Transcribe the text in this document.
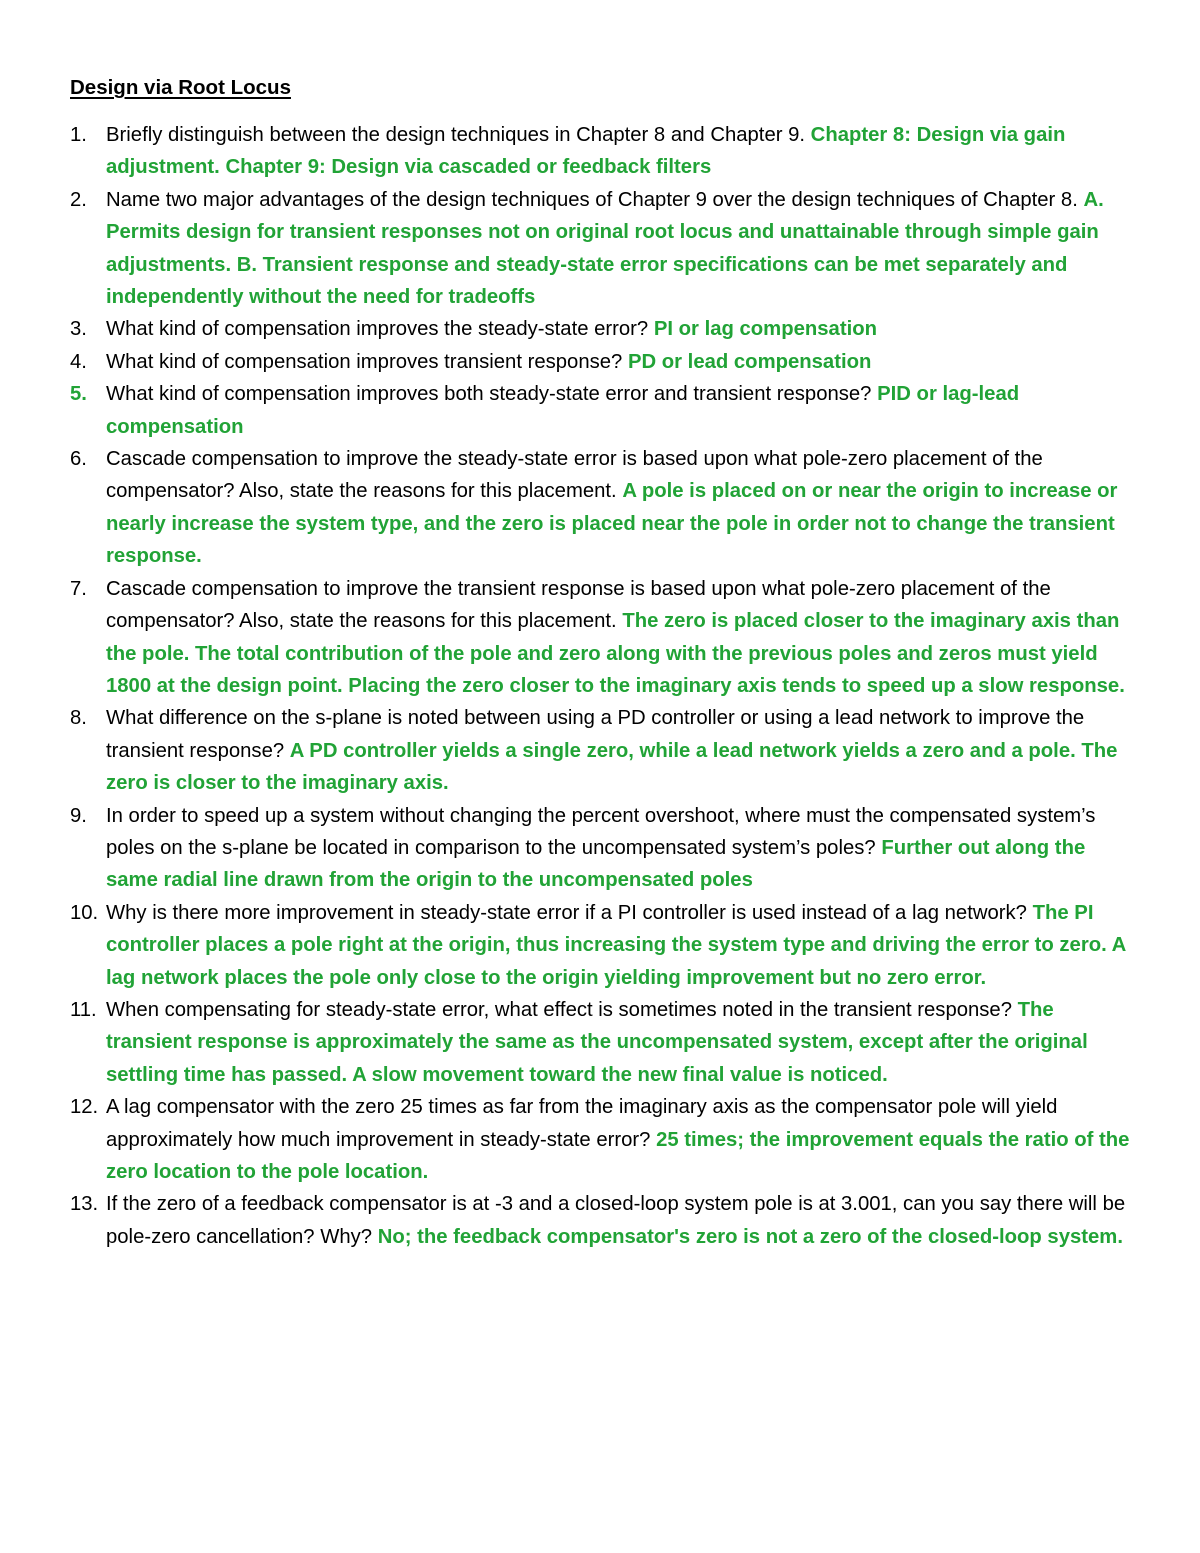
Design via Root Locus
1. Briefly distinguish between the design techniques in Chapter 8 and Chapter 9. Chapter 8: Design via gain adjustment. Chapter 9: Design via cascaded or feedback filters
2. Name two major advantages of the design techniques of Chapter 9 over the design techniques of Chapter 8. A. Permits design for transient responses not on original root locus and unattainable through simple gain adjustments. B. Transient response and steady-state error specifications can be met separately and independently without the need for tradeoffs
3. What kind of compensation improves the steady-state error? PI or lag compensation
4. What kind of compensation improves transient response? PD or lead compensation
5. What kind of compensation improves both steady-state error and transient response? PID or lag-lead compensation
6. Cascade compensation to improve the steady-state error is based upon what pole-zero placement of the compensator? Also, state the reasons for this placement. A pole is placed on or near the origin to increase or nearly increase the system type, and the zero is placed near the pole in order not to change the transient response.
7. Cascade compensation to improve the transient response is based upon what pole-zero placement of the compensator? Also, state the reasons for this placement. The zero is placed closer to the imaginary axis than the pole. The total contribution of the pole and zero along with the previous poles and zeros must yield 1800 at the design point. Placing the zero closer to the imaginary axis tends to speed up a slow response.
8. What difference on the s-plane is noted between using a PD controller or using a lead network to improve the transient response? A PD controller yields a single zero, while a lead network yields a zero and a pole. The zero is closer to the imaginary axis.
9. In order to speed up a system without changing the percent overshoot, where must the compensated system’s poles on the s-plane be located in comparison to the uncompensated system’s poles? Further out along the same radial line drawn from the origin to the uncompensated poles
10. Why is there more improvement in steady-state error if a PI controller is used instead of a lag network? The PI controller places a pole right at the origin, thus increasing the system type and driving the error to zero. A lag network places the pole only close to the origin yielding improvement but no zero error.
11. When compensating for steady-state error, what effect is sometimes noted in the transient response? The transient response is approximately the same as the uncompensated system, except after the original settling time has passed. A slow movement toward the new final value is noticed.
12. A lag compensator with the zero 25 times as far from the imaginary axis as the compensator pole will yield approximately how much improvement in steady-state error? 25 times; the improvement equals the ratio of the zero location to the pole location.
13. If the zero of a feedback compensator is at -3 and a closed-loop system pole is at 3.001, can you say there will be pole-zero cancellation? Why? No; the feedback compensator's zero is not a zero of the closed-loop system.
